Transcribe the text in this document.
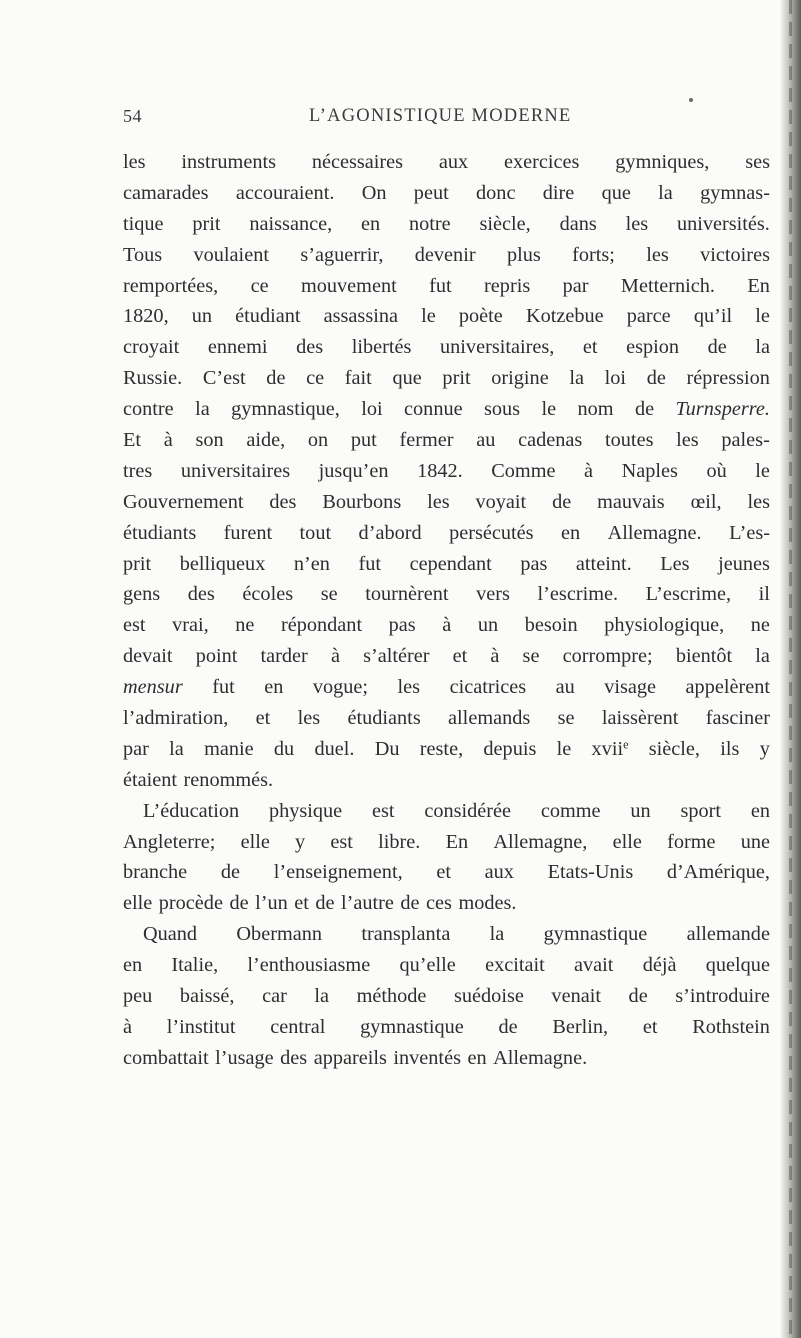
54	L’AGONISTIQUE MODERNE
les instruments nécessaires aux exercices gymniques, ses
camarades accouraient. On peut donc dire que la gymnas-
tique prit naissance, en notre siècle, dans les universités.
Tous voulaient s’aguerrir, devenir plus forts; les victoires
remportées, ce mouvement fut repris par Metternich. En
1820, un étudiant assassina le poète Kotzebue parce qu’il le
croyait ennemi des libertés universitaires, et espion de la
Russie. C’est de ce fait que prit origine la loi de répression
contre la gymnastique, loi connue sous le nom de Turnsperre.
Et à son aide, on put fermer au cadenas toutes les pales-
tres universitaires jusqu’en 1842. Comme à Naples où le
Gouvernement des Bourbons les voyait de mauvais œil, les
étudiants furent tout d’abord persécutés en Allemagne. L’es-
prit belliqueux n’en fut cependant pas atteint. Les jeunes
gens des écoles se tournèrent vers l’escrime. L’escrime, il
est vrai, ne répondant pas à un besoin physiologique, ne
devait point tarder à s’altérer et à se corrompre; bientôt la
mensur fut en vogue; les cicatrices au visage appelèrent
l’admiration, et les étudiants allemands se laissèrent fasciner
par la manie du duel. Du reste, depuis le xvii$^e$ siècle, ils y
étaient renommés.
L’éducation physique est considérée comme un sport en
Angleterre; elle y est libre. En Allemagne, elle forme une
branche de l’enseignement, et aux Etats-Unis d’Amérique,
elle procède de l’un et de l’autre de ces modes.
Quand Obermann transplanta la gymnastique allemande
en Italie, l’enthousiasme qu’elle excitait avait déjà quelque
peu baissé, car la méthode suédoise venait de s’introduire
à l’institut central gymnastique de Berlin, et Rothstein
combattait l’usage des appareils inventés en Allemagne.
